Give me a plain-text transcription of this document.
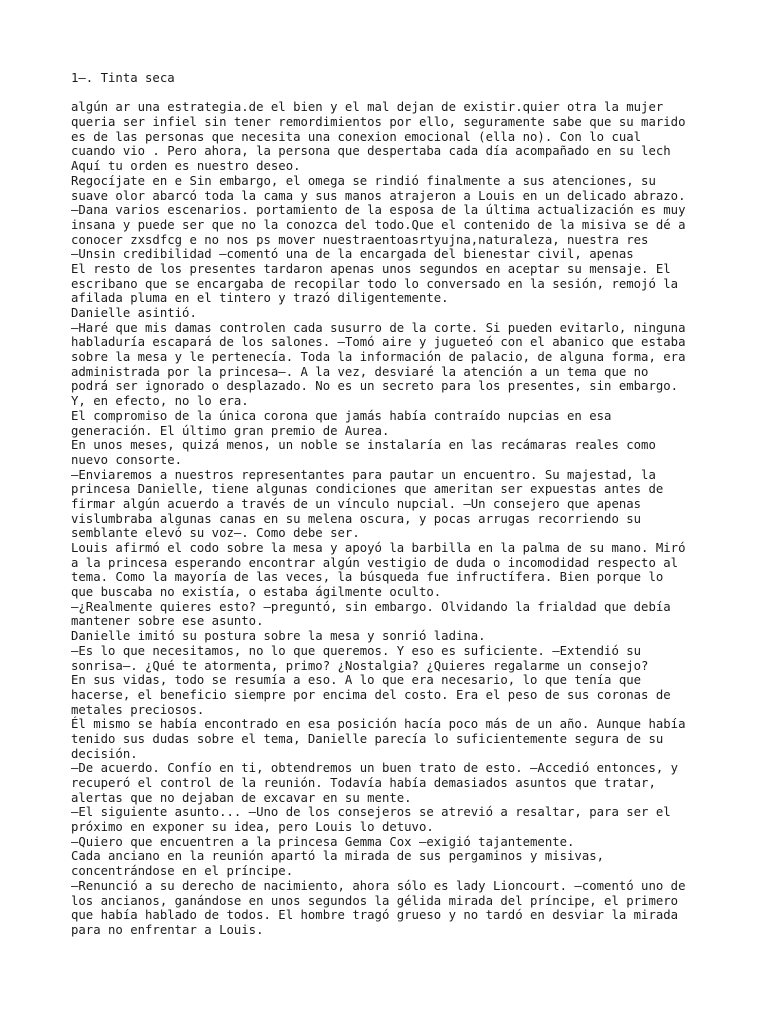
1—. Tinta seca

algún ar una estrategia.de el bien y el mal dejan de existir.quier otra la mujer

queria ser infiel sin tener remordimientos por ello, seguramente sabe que su marido

es de las personas que necesita una conexion emocional (ella no). Con lo cual

cuando vio . Pero ahora, la persona que despertaba cada día acompañado en su lech

Aquí tu orden es nuestro deseo.

Regocíjate en e Sin embargo, el omega se rindió finalmente a sus atenciones, su

suave olor abarcó toda la cama y sus manos atrajeron a Louis en un delicado abrazo.

—Dana varios escenarios. portamiento de la esposa de la última actualización es muy

insana y puede ser que no la conozca del todo.Que el contenido de la misiva se dé a

conocer zxsdfcg e no nos ps mover nuestraentoasrtyujna,naturaleza, nuestra res

—Unsin credibilidad —comentó una de la encargada del bienestar civil, apenas

El resto de los presentes tardaron apenas unos segundos en aceptar su mensaje. El

escribano que se encargaba de recopilar todo lo conversado en la sesión, remojó la

afilada pluma en el tintero y trazó diligentemente.

Danielle asintió.

—Haré que mis damas controlen cada susurro de la corte. Si pueden evitarlo, ninguna

habladuría escapará de los salones. —Tomó aire y jugueteó con el abanico que estaba

sobre la mesa y le pertenecía. Toda la información de palacio, de alguna forma, era

administrada por la princesa—. A la vez, desviaré la atención a un tema que no

podrá ser ignorado o desplazado. No es un secreto para los presentes, sin embargo.

Y, en efecto, no lo era.

El compromiso de la única corona que jamás había contraído nupcias en esa

generación. El último gran premio de Aurea.

En unos meses, quizá menos, un noble se instalaría en las recámaras reales como

nuevo consorte.

—Enviaremos a nuestros representantes para pautar un encuentro. Su majestad, la

princesa Danielle, tiene algunas condiciones que ameritan ser expuestas antes de

firmar algún acuerdo a través de un vínculo nupcial. —Un consejero que apenas

vislumbraba algunas canas en su melena oscura, y pocas arrugas recorriendo su

semblante elevó su voz—. Como debe ser.

Louis afirmó el codo sobre la mesa y apoyó la barbilla en la palma de su mano. Miró

a la princesa esperando encontrar algún vestigio de duda o incomodidad respecto al

tema. Como la mayoría de las veces, la búsqueda fue infructífera. Bien porque lo

que buscaba no existía, o estaba ágilmente oculto.

—¿Realmente quieres esto? —preguntó, sin embargo. Olvidando la frialdad que debía

mantener sobre ese asunto.

Danielle imitó su postura sobre la mesa y sonrió ladina.

—Es lo que necesitamos, no lo que queremos. Y eso es suficiente. —Extendió su

sonrisa—. ¿Qué te atormenta, primo? ¿Nostalgia? ¿Quieres regalarme un consejo?

En sus vidas, todo se resumía a eso. A lo que era necesario, lo que tenía que

hacerse, el beneficio siempre por encima del costo. Era el peso de sus coronas de

metales preciosos.

Él mismo se había encontrado en esa posición hacía poco más de un año. Aunque había

tenido sus dudas sobre el tema, Danielle parecía lo suficientemente segura de su

decisión.

—De acuerdo. Confío en ti, obtendremos un buen trato de esto. —Accedió entonces, y

recuperó el control de la reunión. Todavía había demasiados asuntos que tratar,

alertas que no dejaban de excavar en su mente.

—El siguiente asunto... —Uno de los consejeros se atrevió a resaltar, para ser el

próximo en exponer su idea, pero Louis lo detuvo.

—Quiero que encuentren a la princesa Gemma Cox —exigió tajantemente.

Cada anciano en la reunión apartó la mirada de sus pergaminos y misivas,

concentrándose en el príncipe.

—Renunció a su derecho de nacimiento, ahora sólo es lady Lioncourt. —comentó uno de

los ancianos, ganándose en unos segundos la gélida mirada del príncipe, el primero

que había hablado de todos. El hombre tragó grueso y no tardó en desviar la mirada

para no enfrentar a Louis.
